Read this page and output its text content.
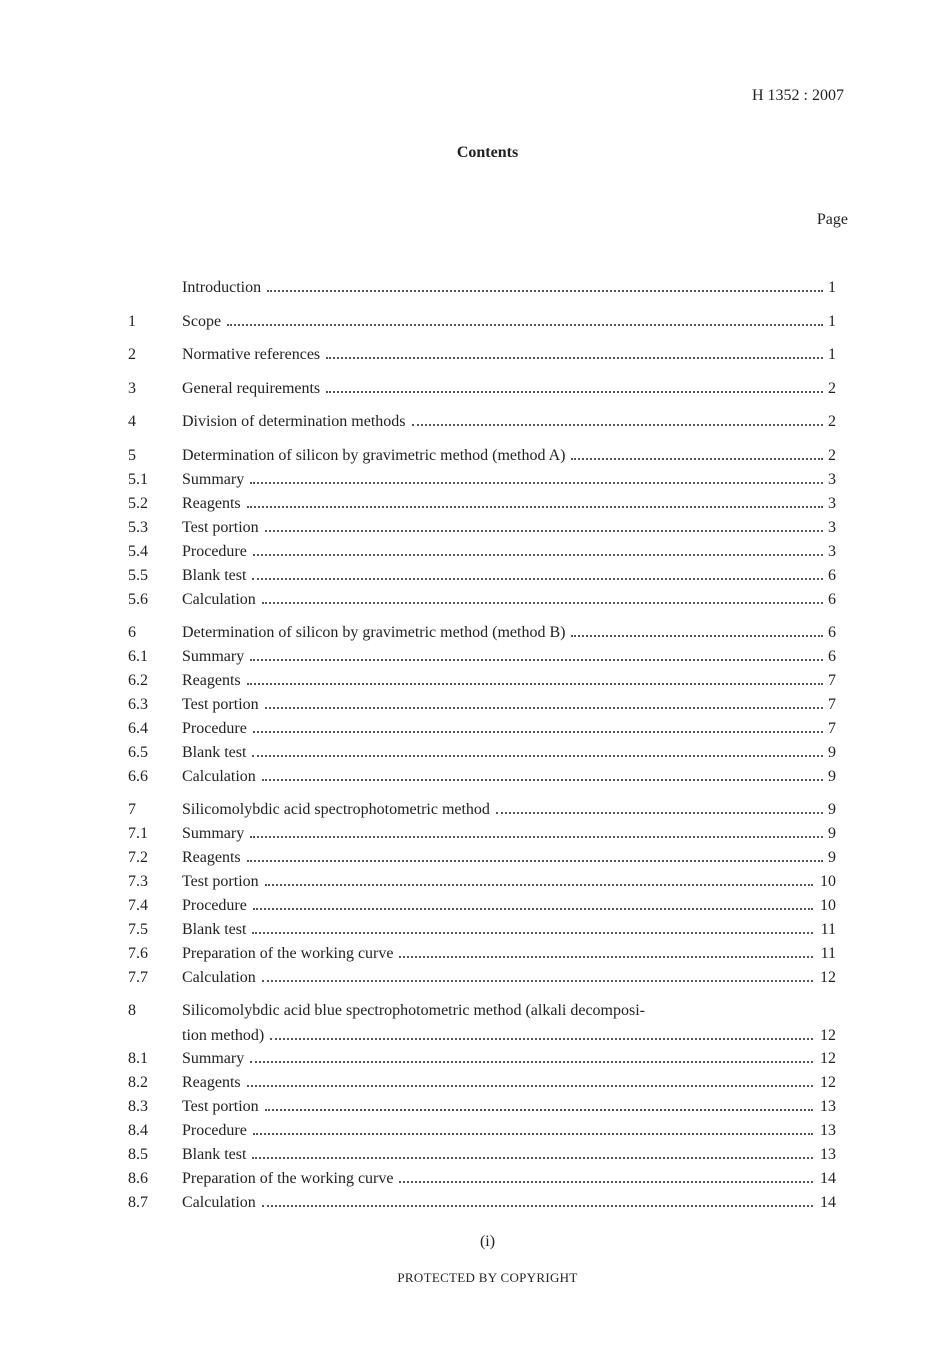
H 1352 : 2007
Contents
Page
Introduction	1
1	Scope	1
2	Normative references	1
3	General requirements	2
4	Division of determination methods	2
5	Determination of silicon by gravimetric method (method A)	2
5.1	Summary	3
5.2	Reagents	3
5.3	Test portion	3
5.4	Procedure	3
5.5	Blank test	6
5.6	Calculation	6
6	Determination of silicon by gravimetric method (method B)	6
6.1	Summary	6
6.2	Reagents	7
6.3	Test portion	7
6.4	Procedure	7
6.5	Blank test	9
6.6	Calculation	9
7	Silicomolybdic acid spectrophotometric method	9
7.1	Summary	9
7.2	Reagents	9
7.3	Test portion	10
7.4	Procedure	10
7.5	Blank test	11
7.6	Preparation of the working curve	11
7.7	Calculation	12
8	Silicomolybdic acid blue spectrophotometric method (alkali decomposi-
tion method)	12
8.1	Summary	12
8.2	Reagents	12
8.3	Test portion	13
8.4	Procedure	13
8.5	Blank test	13
8.6	Preparation of the working curve	14
8.7	Calculation	14
(i)
PROTECTED BY COPYRIGHT
